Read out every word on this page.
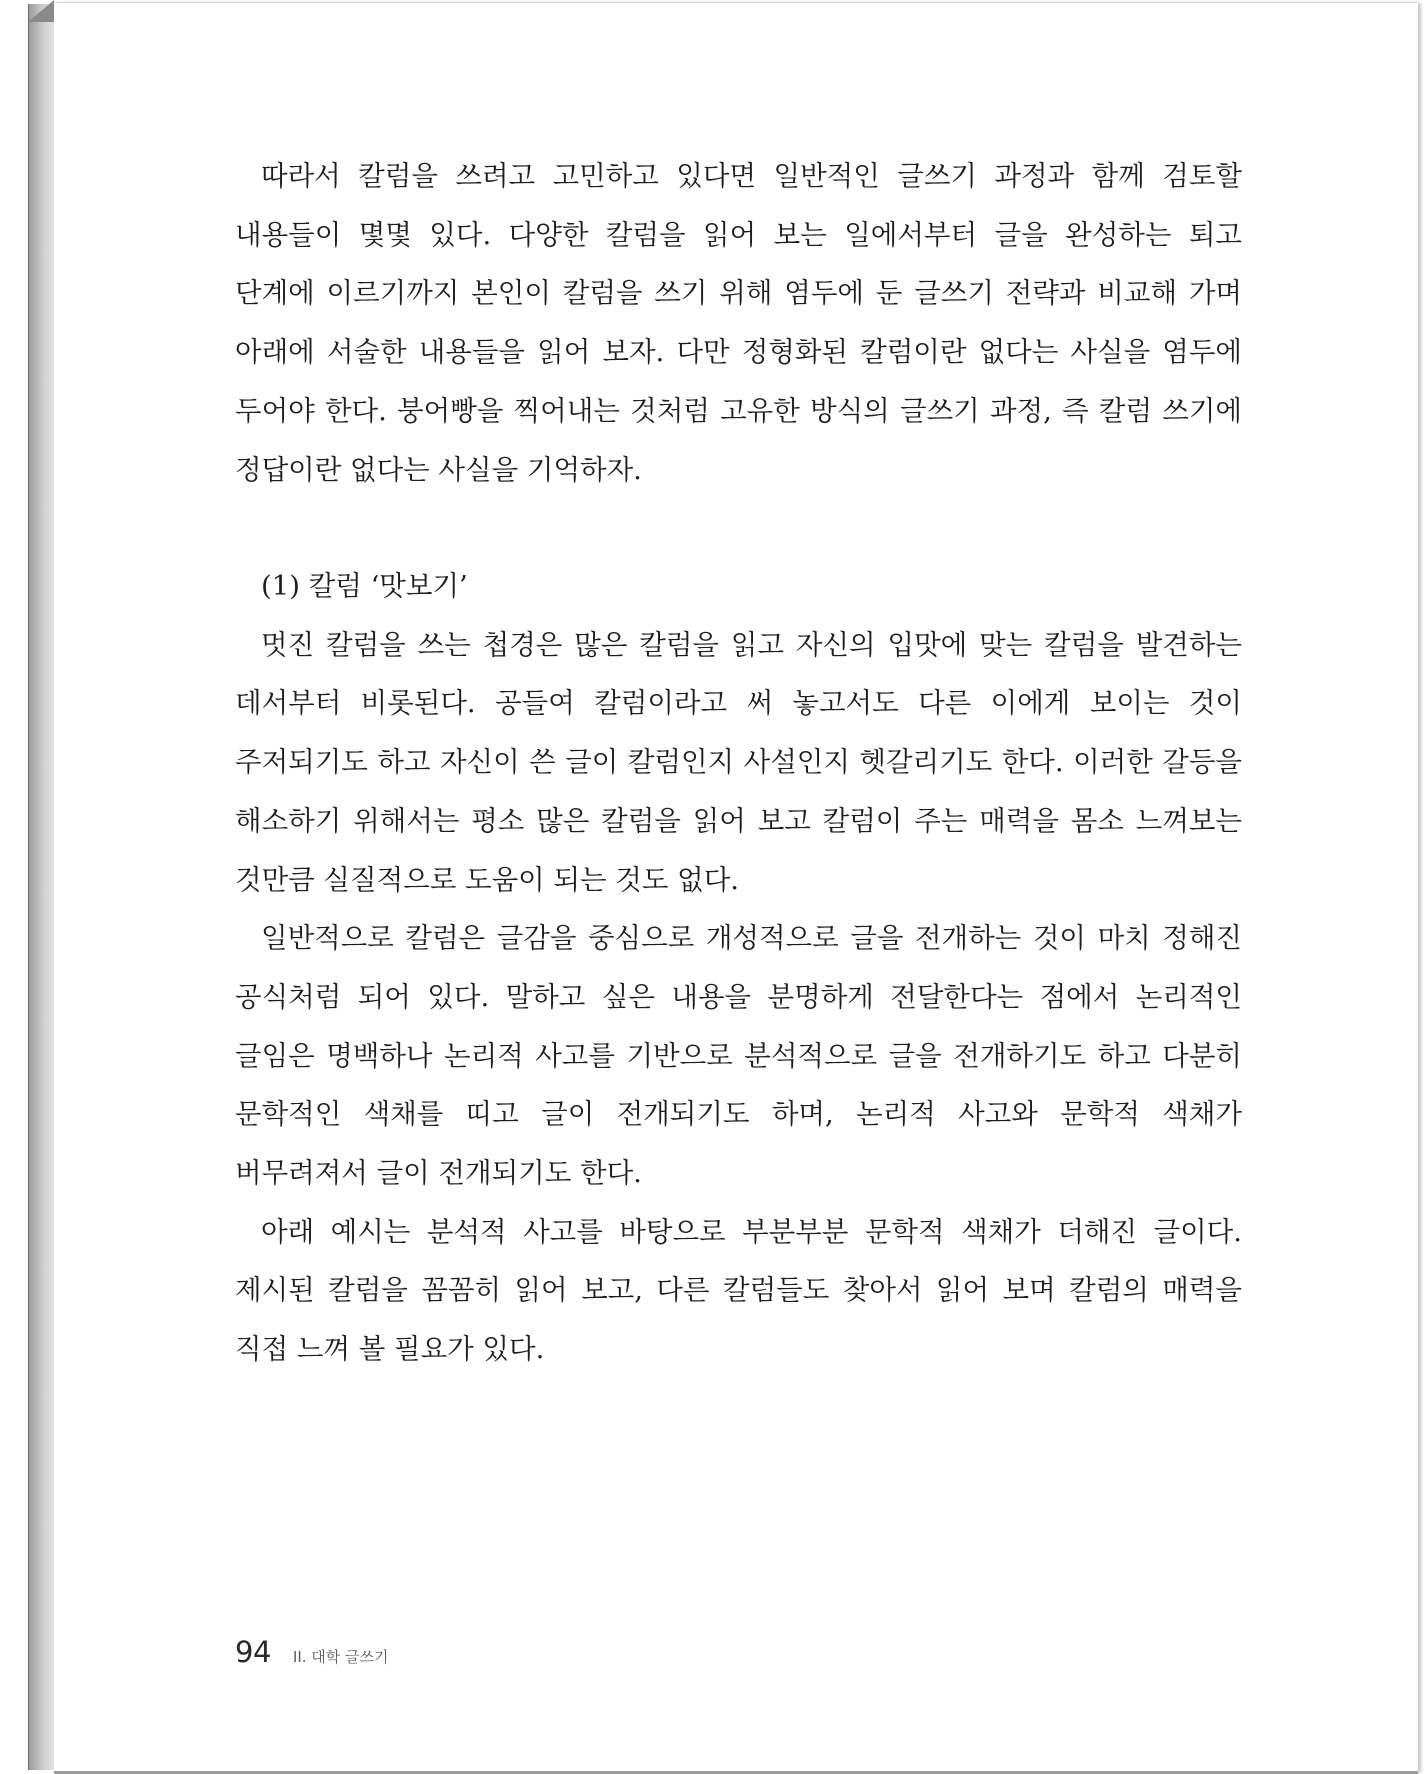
따라서 칼럼을 쓰려고 고민하고 있다면 일반적인 글쓰기 과정과 함께 검토할 내용들이 몇몇 있다. 다양한 칼럼을 읽어 보는 일에서부터 글을 완성하는 퇴고 단계에 이르기까지 본인이 칼럼을 쓰기 위해 염두에 둔 글쓰기 전략과 비교해 가며 아래에 서술한 내용들을 읽어 보자. 다만 정형화된 칼럼이란 없다는 사실을 염두에 두어야 한다. 붕어빵을 찍어내는 것처럼 고유한 방식의 글쓰기 과정, 즉 칼럼 쓰기에 정답이란 없다는 사실을 기억하자.

(1) 칼럼 ‘맛보기’

멋진 칼럼을 쓰는 첩경은 많은 칼럼을 읽고 자신의 입맛에 맞는 칼럼을 발견하는 데서부터 비롯된다. 공들여 칼럼이라고 써 놓고서도 다른 이에게 보이는 것이 주저되기도 하고 자신이 쓴 글이 칼럼인지 사설인지 헷갈리기도 한다. 이러한 갈등을 해소하기 위해서는 평소 많은 칼럼을 읽어 보고 칼럼이 주는 매력을 몸소 느껴보는 것만큼 실질적으로 도움이 되는 것도 없다.

일반적으로 칼럼은 글감을 중심으로 개성적으로 글을 전개하는 것이 마치 정해진 공식처럼 되어 있다. 말하고 싶은 내용을 분명하게 전달한다는 점에서 논리적인 글임은 명백하나 논리적 사고를 기반으로 분석적으로 글을 전개하기도 하고 다분히 문학적인 색채를 띠고 글이 전개되기도 하며, 논리적 사고와 문학적 색채가 버무려져서 글이 전개되기도 한다.

아래 예시는 분석적 사고를 바탕으로 부분부분 문학적 색채가 더해진 글이다. 제시된 칼럼을 꼼꼼히 읽어 보고, 다른 칼럼들도 찾아서 읽어 보며 칼럼의 매력을 직접 느껴 볼 필요가 있다.

94 II. 대학 글쓰기
